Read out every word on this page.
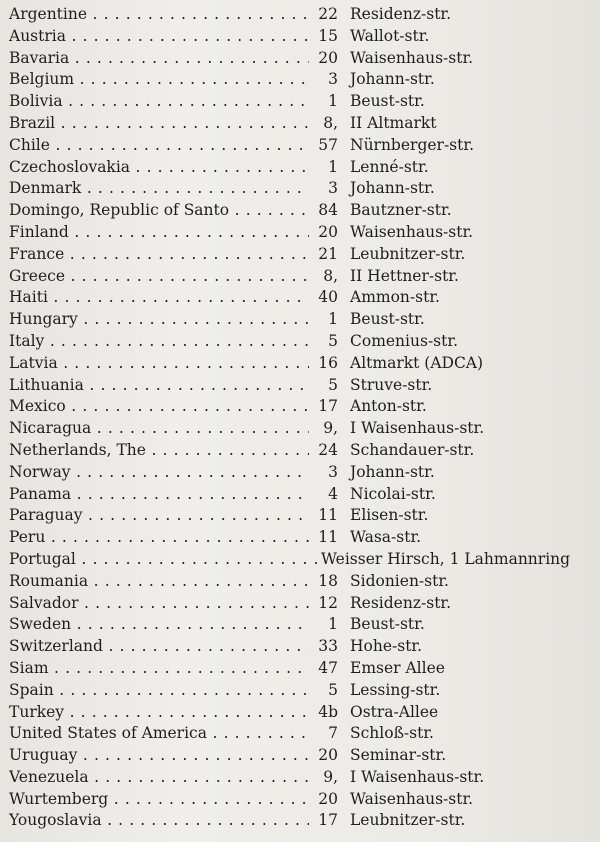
Argentine . . .	22 Residenz-str.
Austria . . .	15 Wallot-str.
Bavaria . . .	20 Waisenhaus-str.
Belgium . . .	3 Johann-str.
Bolivia . . .	1 Beust-str.
Brazil . . .	8, II Altmarkt
Chile . . .	57 Nürnberger-str.
Czechoslovakia . . .	1 Lenné-str.
Denmark . . .	3 Johann-str.
Domingo, Republic of Santo . . .	84 Bautzner-str.
Finland . . .	20 Waisenhaus-str.
France . . .	21 Leubnitzer-str.
Greece . . .	8, II Hettner-str.
Haiti . . .	40 Ammon-str.
Hungary . . .	1 Beust-str.
Italy . . .	5 Comenius-str.
Latvia . . .	16 Altmarkt (ADCA)
Lithuania . . .	5 Struve-str.
Mexico . . .	17 Anton-str.
Nicaragua . . .	9, I Waisenhaus-str.
Netherlands, The . . .	24 Schandauer-str.
Norway . . .	3 Johann-str.
Panama . . .	4 Nicolai-str.
Paraguay . . .	11 Elisen-str.
Peru . . .	11 Wasa-str.
Portugal . . .	Weisser Hirsch, 1 Lahmannring
Roumania . . .	18 Sidonien-str.
Salvador . . .	12 Residenz-str.
Sweden . . .	1 Beust-str.
Switzerland . . .	33 Hohe-str.
Siam . . .	47 Emser Allee
Spain . . .	5 Lessing-str.
Turkey . . .	4b Ostra-Allee
United States of America . . .	7 Schloß-str.
Uruguay . . .	20 Seminar-str.
Venezuela . . .	9, I Waisenhaus-str.
Wurtemberg . . .	20 Waisenhaus-str.
Yougoslavia . . .	17 Leubnitzer-str.
